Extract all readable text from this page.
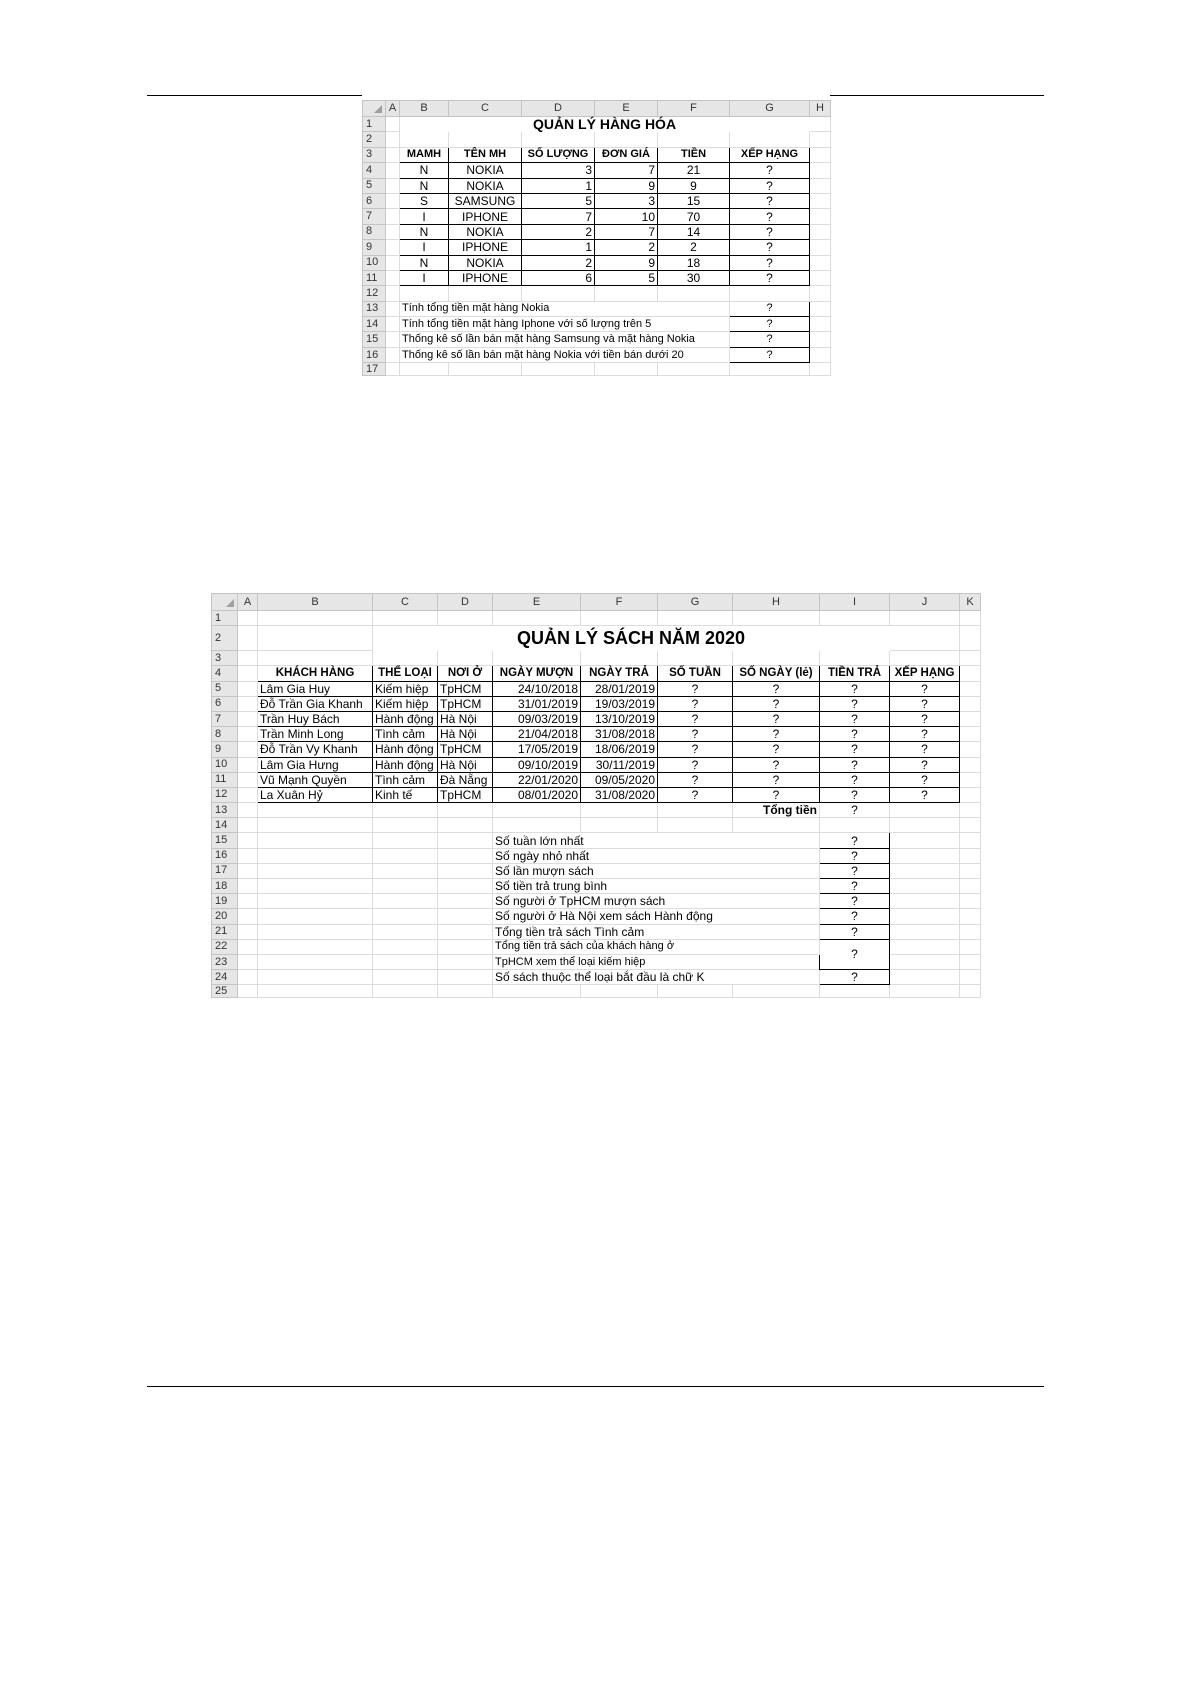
	A	B	C	D	E	F	G	H
1		QUẢN LÝ HÀNG HÓA						
2								
3		MAMH	TÊN MH	SỐ LƯỢNG	ĐƠN GIÁ	TIỀN	XẾP HẠNG	
4		N	NOKIA	3	7	21	?	
5		N	NOKIA	1	9	9	?	
6		S	SAMSUNG	5	3	15	?	
7		I	IPHONE	7	10	70	?	
8		N	NOKIA	2	7	14	?	
9		I	IPHONE	1	2	2	?	
10		N	NOKIA	2	9	18	?	
11		I	IPHONE	6	5	30	?	
12								
13		Tính tổng tiền mặt hàng Nokia					?	
14		Tính tổng tiền mặt hàng Iphone với số lượng trên 5					?	
15		Thống kê số lần bán mặt hàng Samsung và mặt hàng Nokia					?	
16		Thống kê số lần bán mặt hàng Nokia với tiền bán dưới 20					?	
17								
	A	B	C	D	E	F	G	H	I	J	K
1											
2			QUẢN LÝ SÁCH NĂM 2020								
3											
4		KHÁCH HÀNG	THỂ LOẠI	NƠI Ở	NGÀY MƯỢN	NGÀY TRẢ	SỐ TUẦN	SỐ NGÀY (lẻ)	TIỀN TRẢ	XẾP HẠNG	
5		Lâm Gia Huy	Kiếm hiệp	TpHCM	24/10/2018	28/01/2019	?	?	?	?	
6		Đỗ Trần Gia Khanh	Kiếm hiệp	TpHCM	31/01/2019	19/03/2019	?	?	?	?	
7		Trần Huy Bách	Hành động	Hà Nội	09/03/2019	13/10/2019	?	?	?	?	
8		Trần Minh Long	Tình cảm	Hà Nội	21/04/2018	31/08/2018	?	?	?	?	
9		Đỗ Trần Vy Khanh	Hành động	TpHCM	17/05/2019	18/06/2019	?	?	?	?	
10		Lâm Gia Hưng	Hành động	Hà Nội	09/10/2019	30/11/2019	?	?	?	?	
11		Vũ Mạnh Quyền	Tình cảm	Đà Nẵng	22/01/2020	09/05/2020	?	?	?	?	
12		La Xuân Hỷ	Kinh tế	TpHCM	08/01/2020	31/08/2020	?	?	?	?	
13								Tổng tiền	?		
14											
15					Số tuần lớn nhất				?		
16					Số ngày nhỏ nhất				?		
17					Số lần mượn sách				?		
18					Số tiền trả trung bình				?		
19					Số người ở TpHCM mượn sách				?		
20					Số người ở Hà Nội xem sách Hành động				?		
21					Tổng tiền trả sách Tình cảm				?		
22					Tổng tiền trả sách của khách hàng ở				?		
23					TpHCM xem thể loại kiếm hiệp						
24					Số sách thuộc thể loại bắt đầu là chữ K				?		
25											
